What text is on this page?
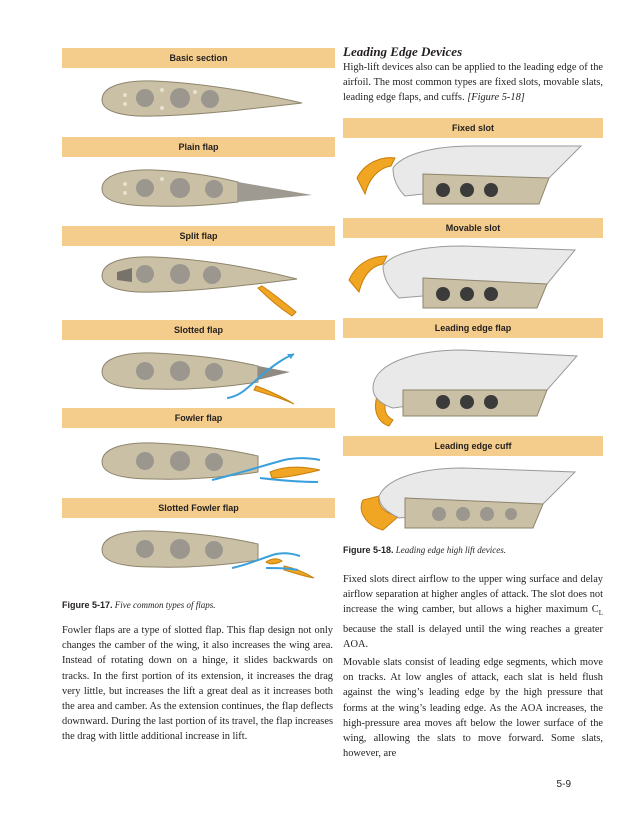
Basic section
Plain flap
Split flap
Slotted flap
Fowler flap
Slotted Fowler flap

Figure 5-17. Five common types of flaps.

Fowler flaps are a type of slotted flap. This flap design not only changes the camber of the wing, it also increases the wing area. Instead of rotating down on a hinge, it slides backwards on tracks. In the first portion of its extension, it increases the drag very little, but increases the lift a great deal as it increases both the area and camber. As the extension continues, the flap deflects downward. During the last portion of its travel, the flap increases the drag with little additional increase in lift.

Leading Edge Devices

High-lift devices also can be applied to the leading edge of the airfoil. The most common types are fixed slots, movable slats, leading edge flaps, and cuffs. [Figure 5-18]

Fixed slot
Movable slot
Leading edge flap
Leading edge cuff

Figure 5-18. Leading edge high lift devices.

Fixed slots direct airflow to the upper wing surface and delay airflow separation at higher angles of attack. The slot does not increase the wing camber, but allows a higher maximum $C_L$ because the stall is delayed until the wing reaches a greater AOA.

Movable slats consist of leading edge segments, which move on tracks. At low angles of attack, each slat is held flush against the wing’s leading edge by the high pressure that forms at the wing’s leading edge. As the AOA increases, the high-pressure area moves aft below the lower surface of the wing, allowing the slats to move forward. Some slats, however, are

5-9
